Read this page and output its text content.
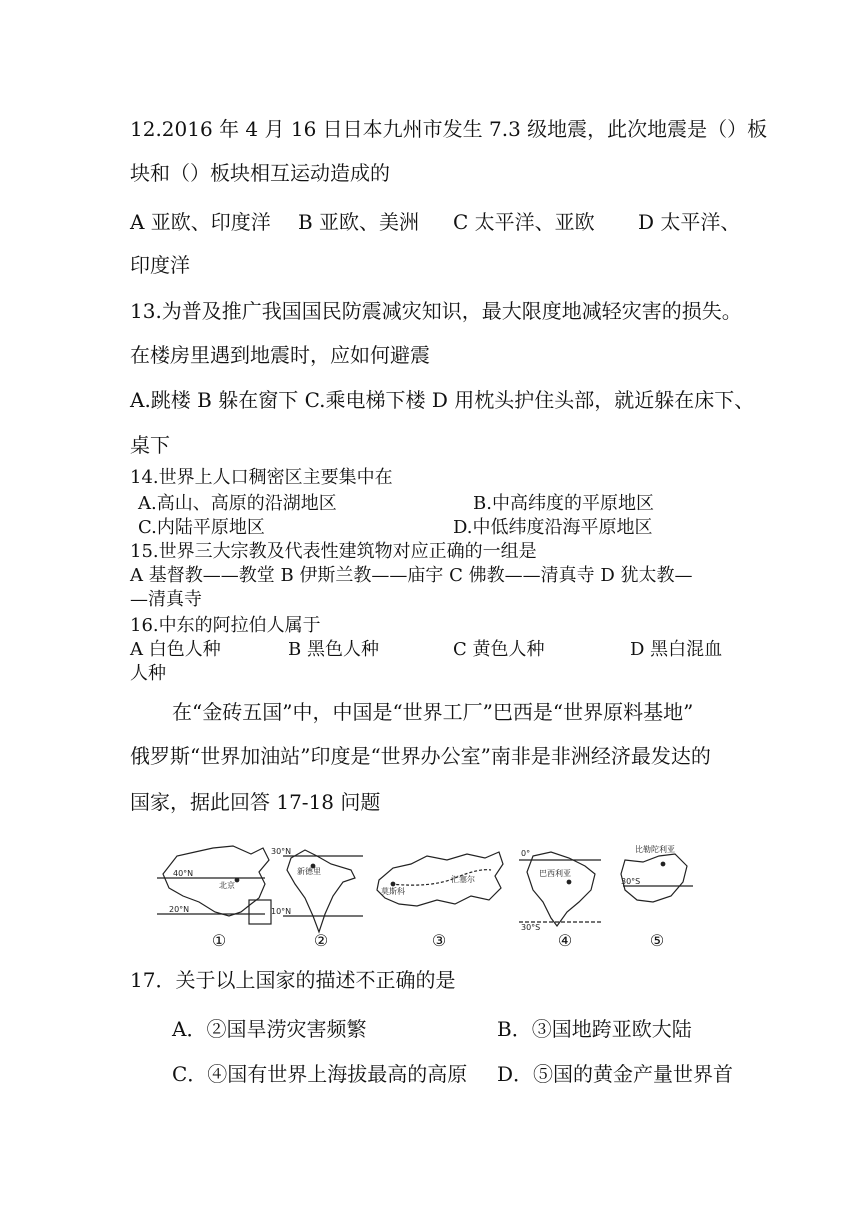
12.2016 年 4 月 16 日日本九州市发生 7.3 级地震，此次地震是（）板
块和（）板块相互运动造成的
A 亚欧、印度洋 B 亚欧、美洲 C 太平洋、亚欧 D 太平洋、
印度洋
13.为普及推广我国国民防震减灾知识，最大限度地减轻灾害的损失。
在楼房里遇到地震时，应如何避震
A.跳楼 B 躲在窗下 C.乘电梯下楼 D 用枕头护住头部，就近躲在床下、
桌下
14.世界上人口稠密区主要集中在
A.高山、高原的沿湖地区	B.中高纬度的平原地区
C.内陆平原地区	D.中低纬度沿海平原地区
15.世界三大宗教及代表性建筑物对应正确的一组是
A 基督教——教堂 B 伊斯兰教——庙宇 C 佛教——清真寺 D 犹太教—
—清真寺
16.中东的阿拉伯人属于
A 白色人种	B 黑色人种	C 黄色人种	D 黑白混血
人种
在“金砖五国”中，中国是“世界工厂”巴西是“世界原料基地”
俄罗斯“世界加油站”印度是“世界办公室”南非是非洲经济最发达的
国家，据此回答 17-18 问题
40°N
20°N
北京
30°N
10°N
新德里
莫斯科
汇塞尔
0°
30°S
巴西利亚
比勒陀利亚
30°S
①	②	③	④	⑤
17．关于以上国家的描述不正确的是
A．②国旱涝灾害频繁	B．③国地跨亚欧大陆
C．④国有世界上海拔最高的高原 D．⑤国的黄金产量世界首
